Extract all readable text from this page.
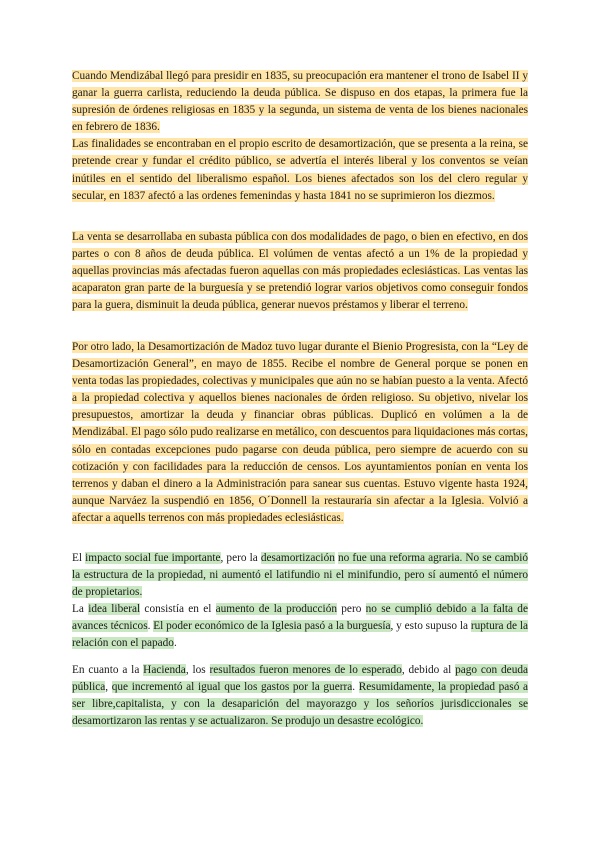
Cuando Mendizábal llegó para presidir en 1835, su preocupación era mantener el trono de Isabel II y ganar la guerra carlista, reduciendo la deuda pública. Se dispuso en dos etapas, la primera fue la supresión de órdenes religiosas en 1835 y la segunda, un sistema de venta de los bienes nacionales en febrero de 1836.

Las finalidades se encontraban en el propio escrito de desamortización, que se presenta a la reina, se pretende crear y fundar el crédito público, se advertía el interés liberal y los conventos se veían inútiles en el sentido del liberalismo español. Los bienes afectados son los del clero regular y secular, en 1837 afectó a las ordenes femenindas y hasta 1841 no se suprimieron los diezmos.

La venta se desarrollaba en subasta pública con dos modalidades de pago, o bien en efectivo, en dos partes o con 8 años de deuda pública. El volúmen de ventas afectó a un 1% de la propiedad y aquellas provincias más afectadas fueron aquellas con más propiedades eclesiásticas. Las ventas las acaparaton gran parte de la burguesía y se pretendió lograr varios objetivos como conseguir fondos para la guera, disminuit la deuda pública, generar nuevos préstamos y liberar el terreno.

Por otro lado, la Desamortización de Madoz tuvo lugar durante el Bienio Progresista, con la “Ley de Desamortización General”, en mayo de 1855. Recibe el nombre de General porque se ponen en venta todas las propiedades, colectivas y municipales que aún no se habían puesto a la venta. Afectó a la propiedad colectiva y aquellos bienes nacionales de órden religioso. Su objetivo, nivelar los presupuestos, amortizar la deuda y financiar obras públicas. Duplicó en volúmen a la de Mendizábal. El pago sólo pudo realizarse en metálico, con descuentos para liquidaciones más cortas, sólo en contadas excepciones pudo pagarse con deuda pública, pero siempre de acuerdo con su cotización y con facilidades para la reducción de censos. Los ayuntamientos ponían en venta los terrenos y daban el dinero a la Administración para sanear sus cuentas. Estuvo vigente hasta 1924, aunque Narváez la suspendió en 1856, O´Donnell la restauraría sin afectar a la Iglesia. Volvió a afectar a aquells terrenos con más propiedades eclesiásticas.

El impacto social fue importante, pero la desamortización no fue una reforma agraria. No se cambió la estructura de la propiedad, ni aumentó el latifundio ni el minifundio, pero sí aumentó el número de propietarios.

La idea liberal consistía en el aumento de la producción pero no se cumplió debido a la falta de avances técnicos. El poder económico de la Iglesia pasó a la burguesía, y esto supuso la ruptura de la relación con el papado.

En cuanto a la Hacienda, los resultados fueron menores de lo esperado, debido al pago con deuda pública, que incrementó al igual que los gastos por la guerra. Resumidamente, la propiedad pasó a ser libre,capitalista, y con la desaparición del mayorazgo y los señoríos jurisdiccionales se desamortizaron las rentas y se actualizaron. Se produjo un desastre ecológico.
